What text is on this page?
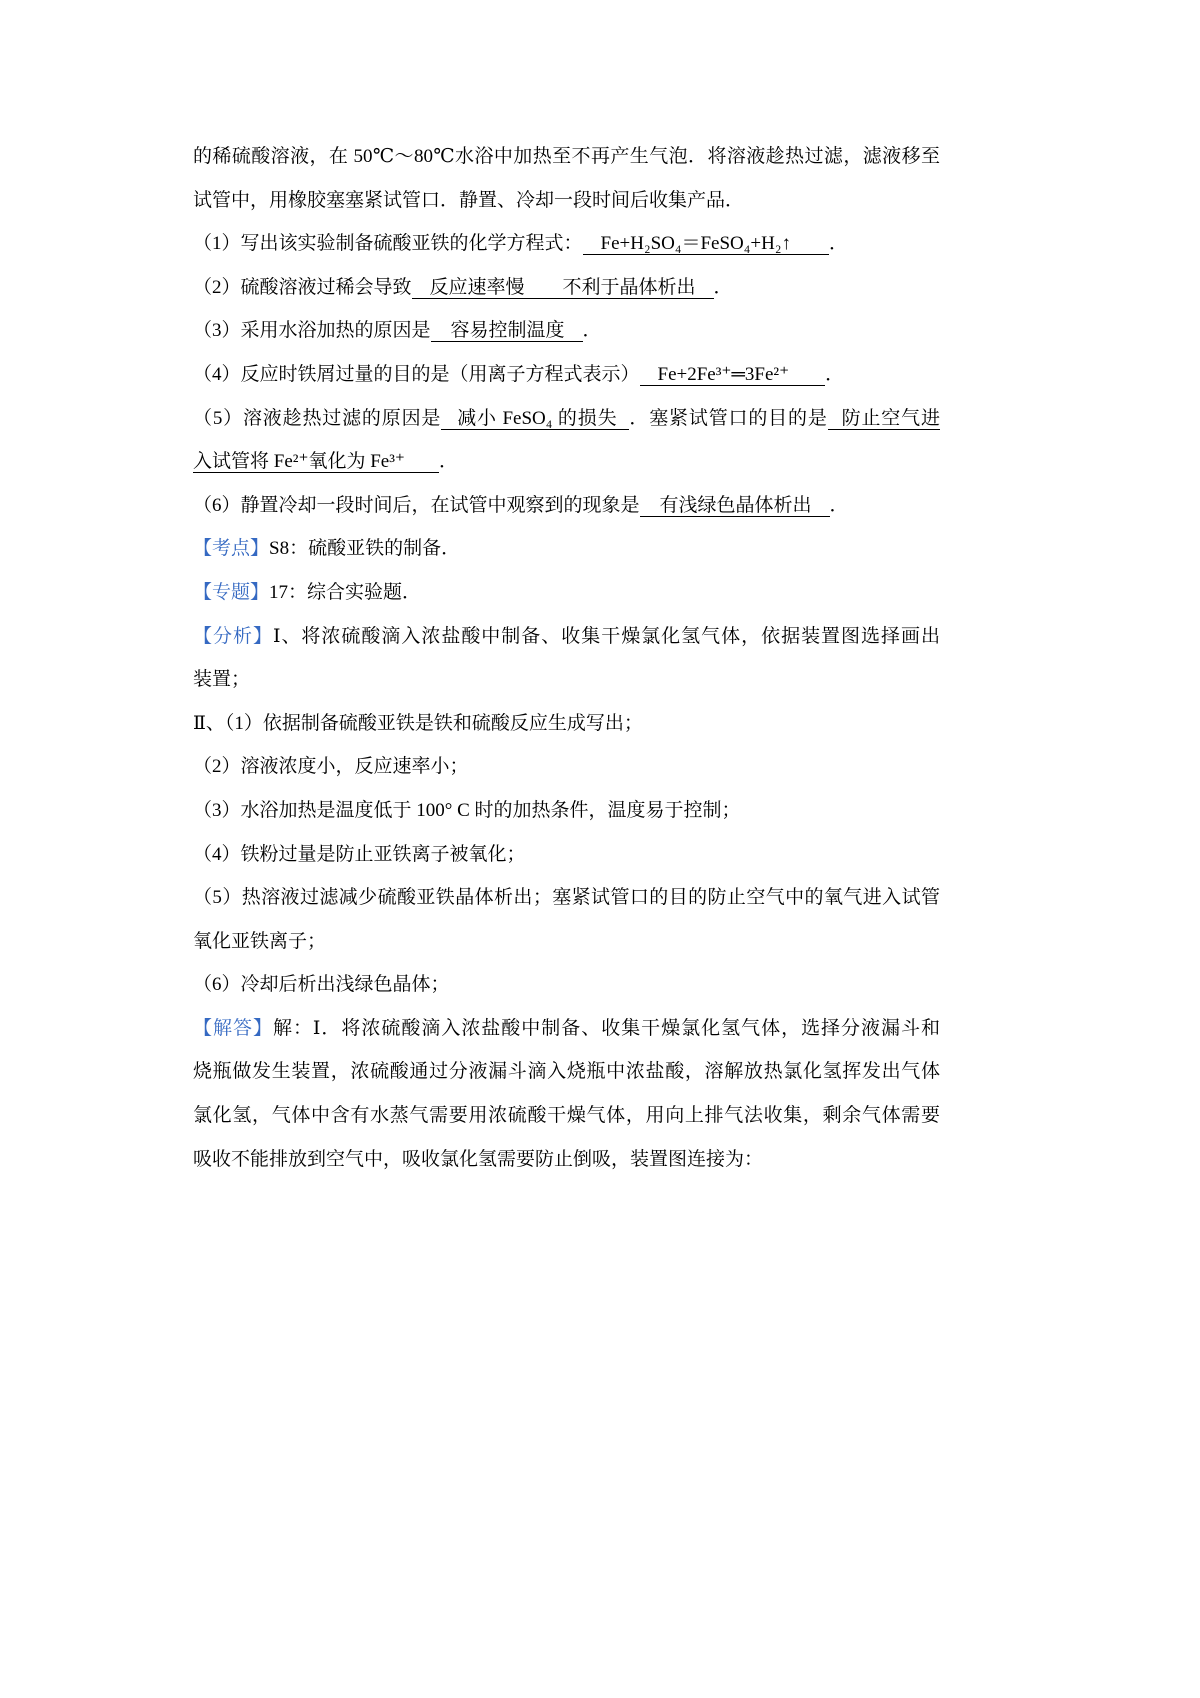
的稀硫酸溶液，在 50℃～80℃水浴中加热至不再产生气泡．将溶液趁热过滤，滤液移至
试管中，用橡胶塞塞紧试管口．静置、冷却一段时间后收集产品．
（1）写出该实验制备硫酸亚铁的化学方程式： Fe+H₂SO₄＝FeSO₄+H₂↑ ．
（2）硫酸溶液过稀会导致 反应速率慢 不利于晶体析出 ．
（3）采用水浴加热的原因是 容易控制温度 ．
（4）反应时铁屑过量的目的是（用离子方程式表示） Fe+2Fe³⁺═3Fe²⁺ ．
（5）溶液趁热过滤的原因是 减小 FeSO₄ 的损失 ．塞紧试管口的目的是 防止空气进
入试管将 Fe²⁺氧化为 Fe³⁺ ．
（6）静置冷却一段时间后，在试管中观察到的现象是 有浅绿色晶体析出 ．
【考点】S8：硫酸亚铁的制备．
【专题】17：综合实验题．
【分析】Ⅰ、将浓硫酸滴入浓盐酸中制备、收集干燥氯化氢气体，依据装置图选择画出
装置；
Ⅱ、（1）依据制备硫酸亚铁是铁和硫酸反应生成写出；
（2）溶液浓度小，反应速率小；
（3）水浴加热是温度低于 100° C 时的加热条件，温度易于控制；
（4）铁粉过量是防止亚铁离子被氧化；
（5）热溶液过滤减少硫酸亚铁晶体析出；塞紧试管口的目的防止空气中的氧气进入试管
氧化亚铁离子；
（6）冷却后析出浅绿色晶体；
【解答】解：Ⅰ．将浓硫酸滴入浓盐酸中制备、收集干燥氯化氢气体，选择分液漏斗和
烧瓶做发生装置，浓硫酸通过分液漏斗滴入烧瓶中浓盐酸，溶解放热氯化氢挥发出气体
氯化氢，气体中含有水蒸气需要用浓硫酸干燥气体，用向上排气法收集，剩余气体需要
吸收不能排放到空气中，吸收氯化氢需要防止倒吸，装置图连接为：
